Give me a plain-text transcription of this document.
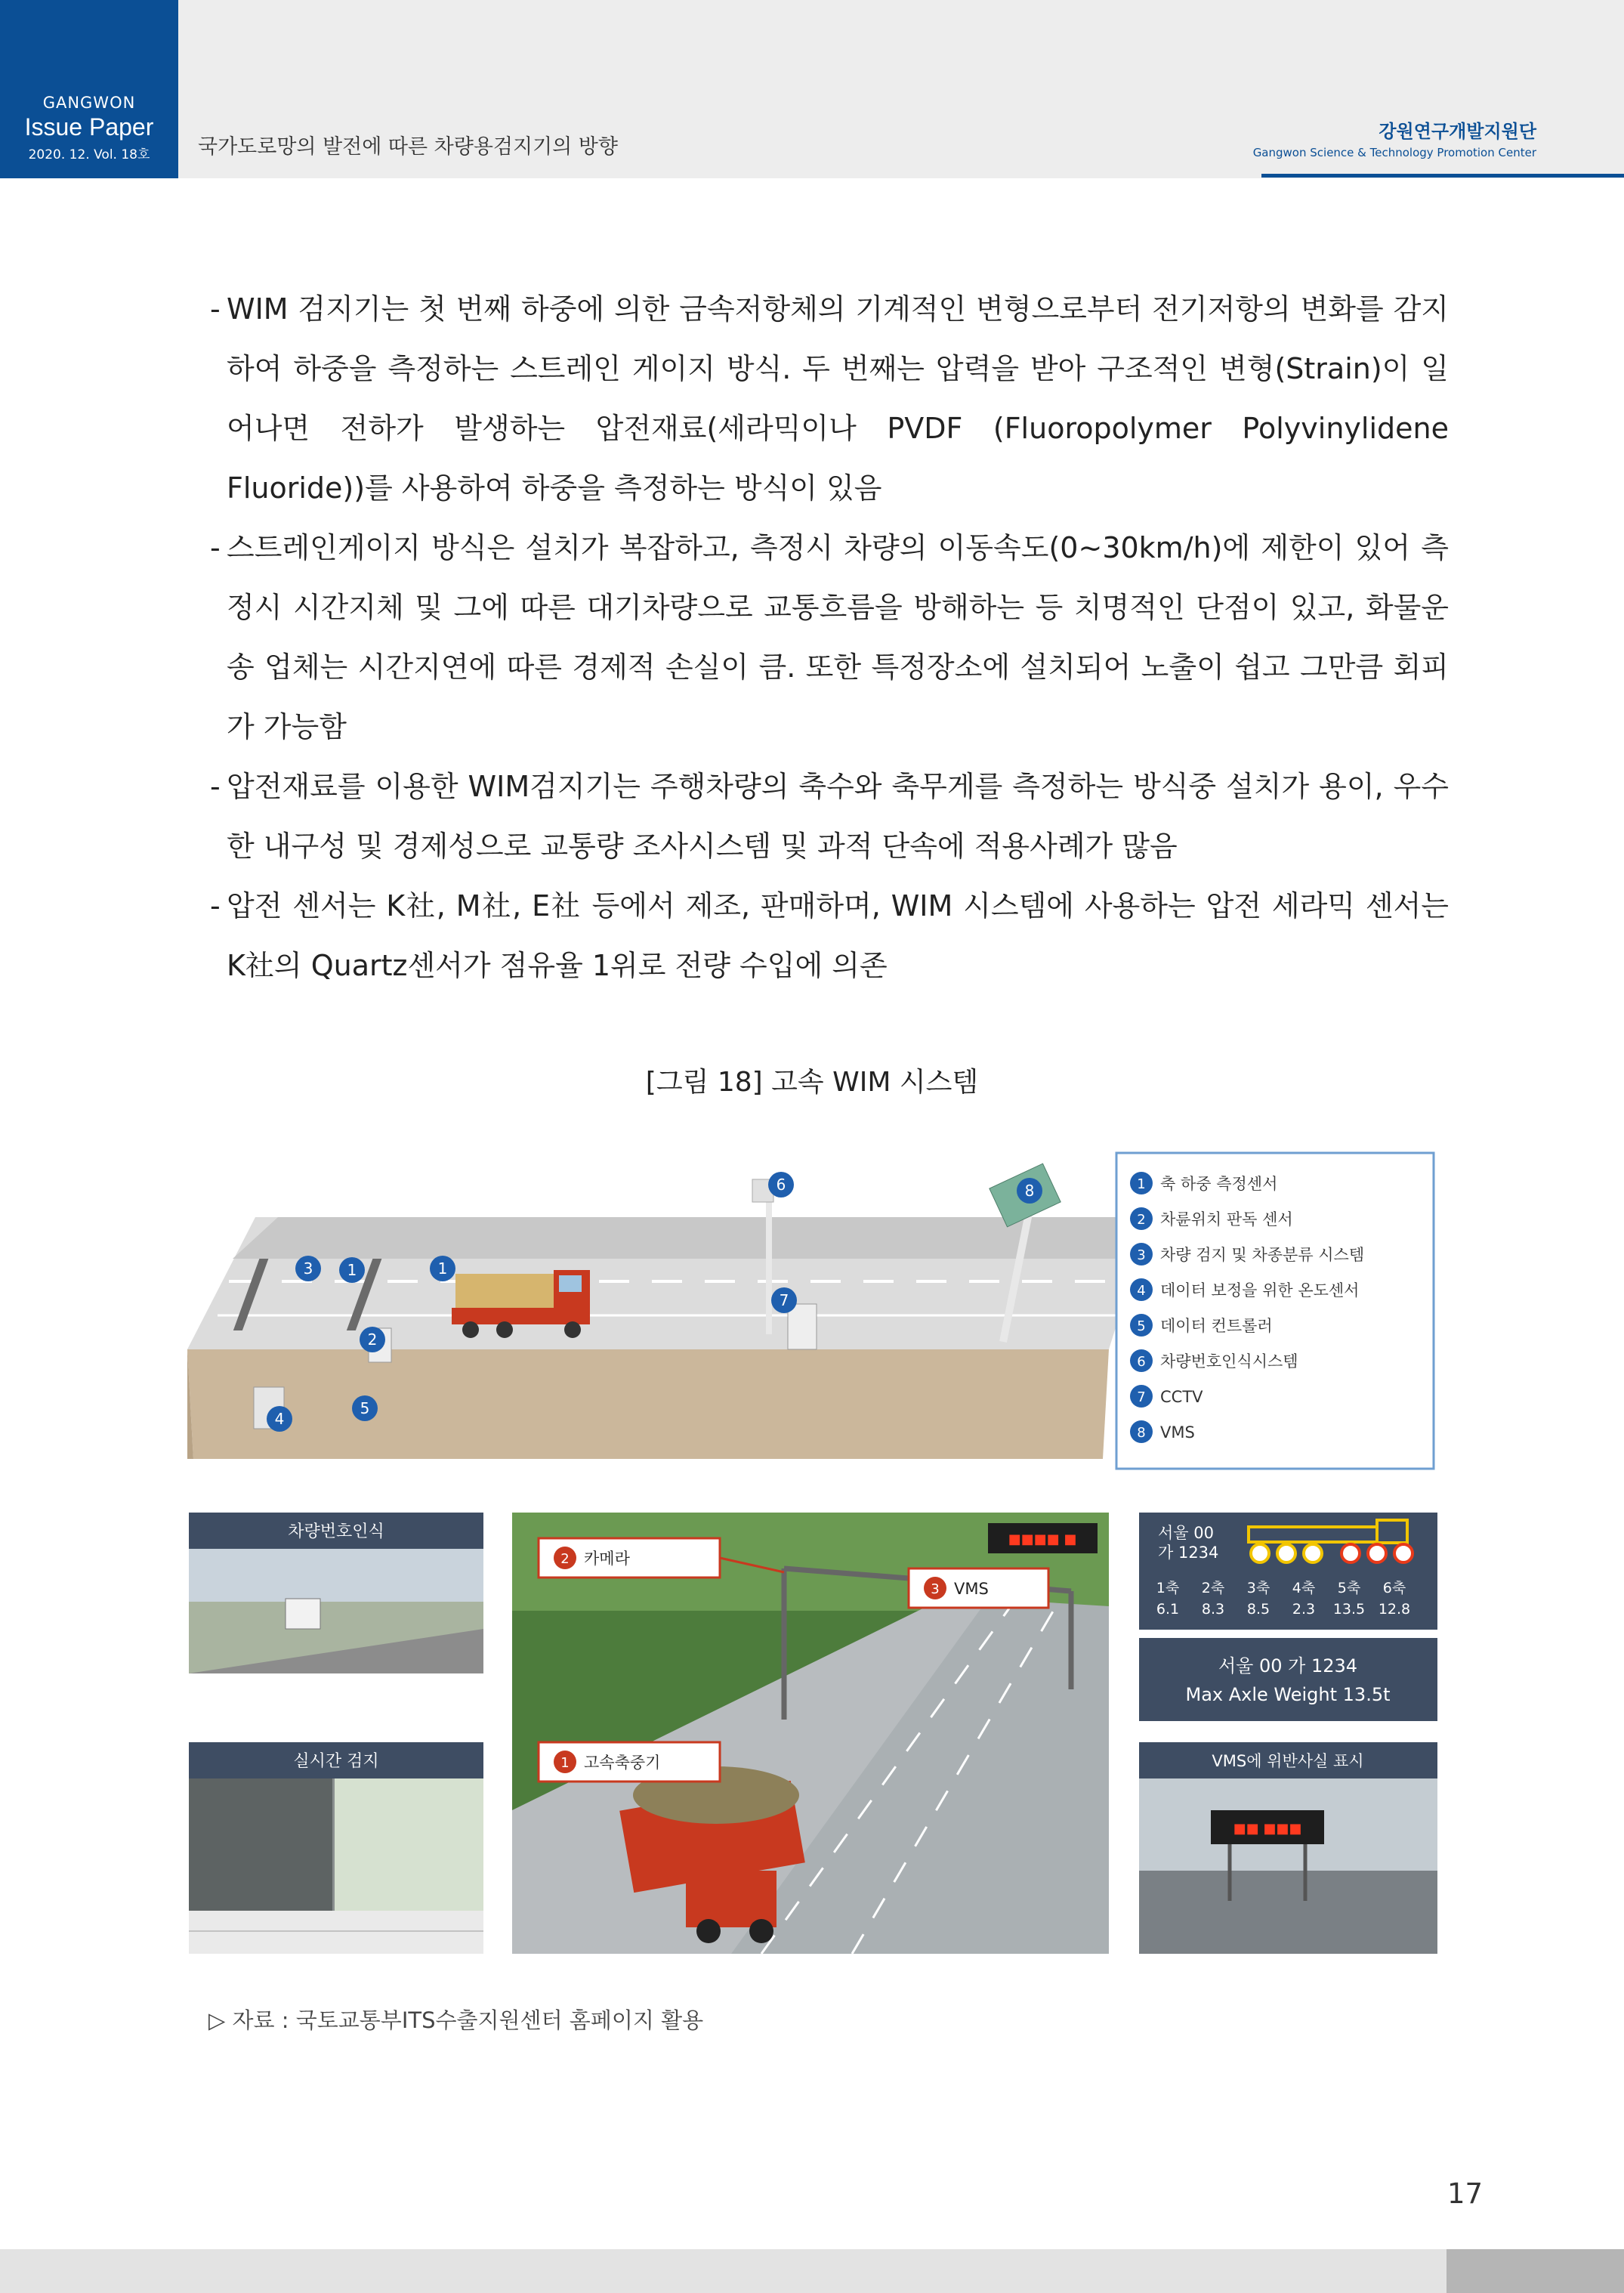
GANGWON
Issue Paper
2020. 12. Vol. 18호	국가도로망의 발전에 따른 차량용검지기의 방향
강원연구개발지원단
Gangwon Science & Technology Promotion Center
- WIM 검지기는 첫 번째 하중에 의한 금속저항체의 기계적인 변형으로부터 전기저항의 변화를 감지하여 하중을 측정하는 스트레인 게이지 방식. 두 번째는 압력을 받아 구조적인 변형(Strain)이 일어나면 전하가 발생하는 압전재료(세라믹이나 PVDF (Fluoropolymer Polyvinylidene Fluoride))를 사용하여 하중을 측정하는 방식이 있음
- 스트레인게이지 방식은 설치가 복잡하고, 측정시 차량의 이동속도(0~30km/h)에 제한이 있어 측정시 시간지체 및 그에 따른 대기차량으로 교통흐름을 방해하는 등 치명적인 단점이 있고, 화물운송 업체는 시간지연에 따른 경제적 손실이 큼. 또한 특정장소에 설치되어 노출이 쉽고 그만큼 회피가 가능함
- 압전재료를 이용한 WIM검지기는 주행차량의 축수와 축무게를 측정하는 방식중 설치가 용이, 우수한 내구성 및 경제성으로 교통량 조사시스템 및 과적 단속에 적용사례가 많음
- 압전 센서는 K社, M社, E社 등에서 제조, 판매하며, WIM 시스템에 사용하는 압전 세라믹 센서는 K社의 Quartz센서가 점유율 1위로 전량 수입에 의존
[그림 18] 고속 WIM 시스템
1	1
2
3
4
5
6
7
8	1 축 하중 측정센서
2 차륜위치 판독 센서
3 차량 검지 및 차종분류 시스템
4 데이터 보정을 위한 온도센서
5 데이터 컨트롤러
6 차량번호인식시스템
7 CCTV
8 VMS
차량번호인식
실시간 검지
■■■■ ■
2 카메라
3 VMS
1 고속축중기
서울 00
가 1234
1축 2축 3축 4축 5축 6축
6.1 8.3 8.5 2.3 13.5 12.8
서울 00 가 1234
Max Axle Weight 13.5t
VMS에 위반사실 표시
■■ ■■■
▷ 자료 : 국토교통부ITS수출지원센터 홈페이지 활용
17
